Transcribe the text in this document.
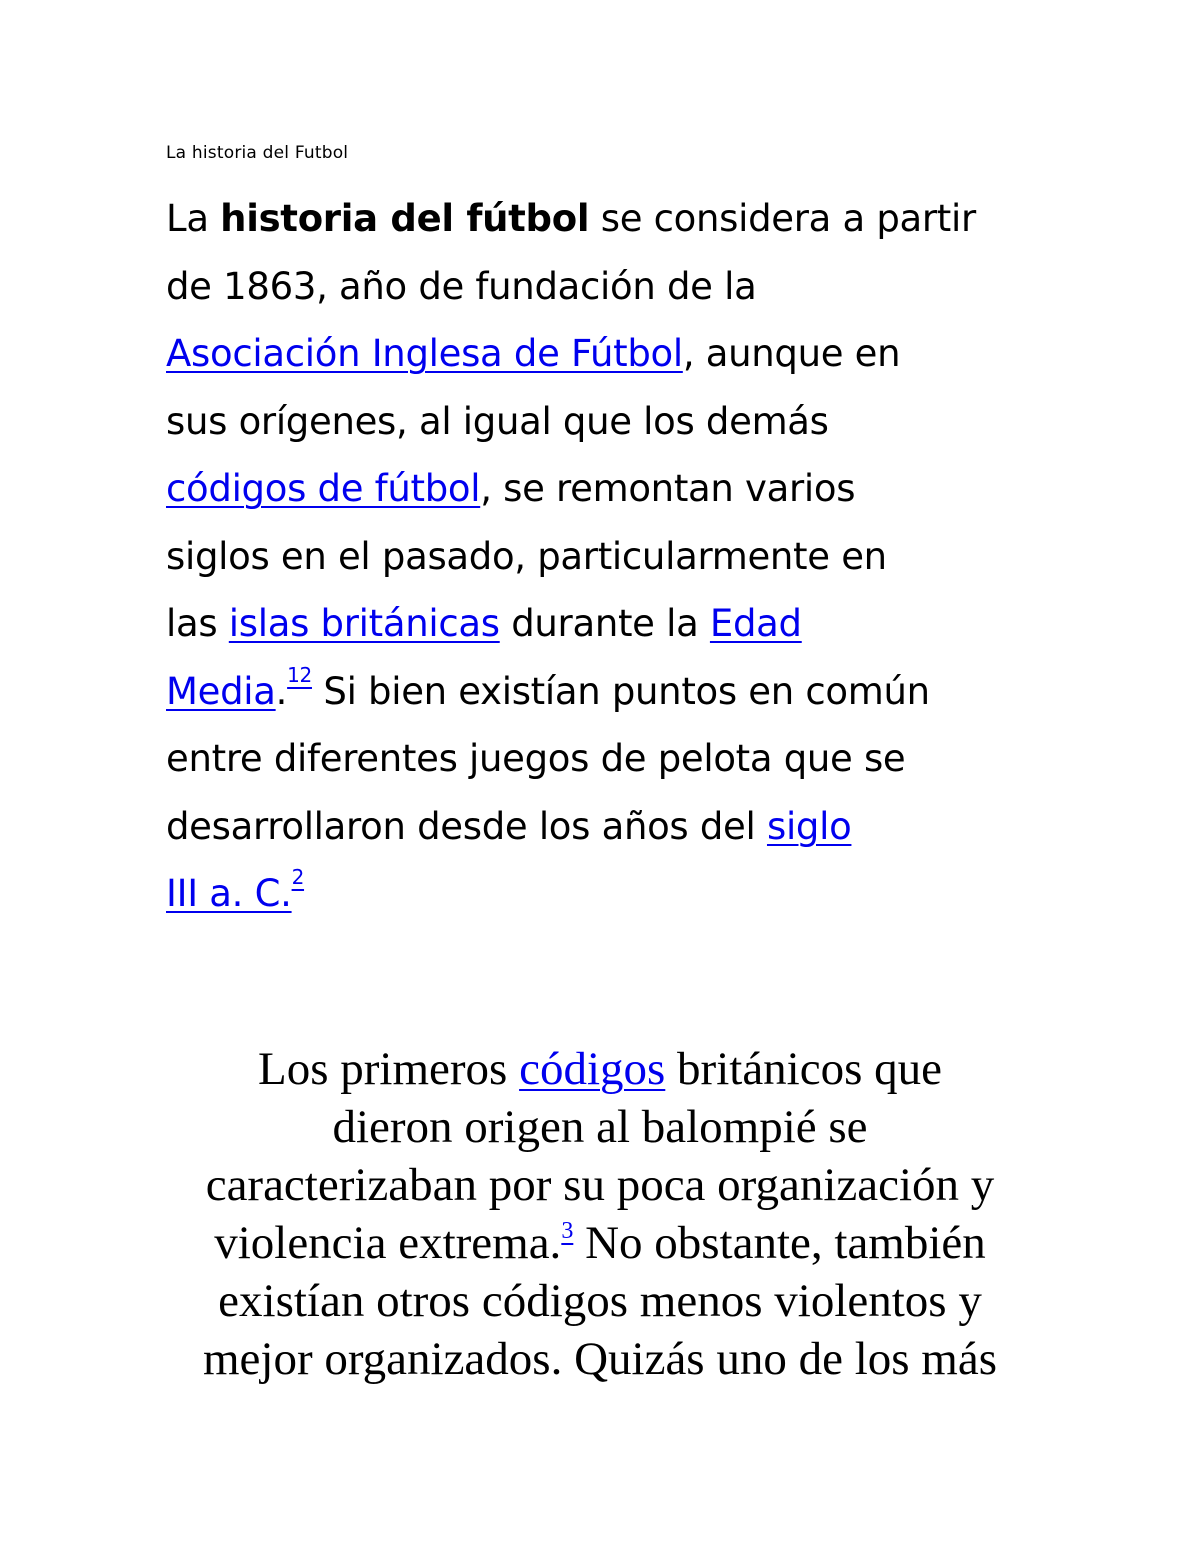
La historia del Futbol
La historia del fútbol se considera a partir
de 1863, año de fundación de la
Asociación Inglesa de Fútbol, aunque en
sus orígenes, al igual que los demás
códigos de fútbol, se remontan varios
siglos en el pasado, particularmente en
las islas británicas durante la Edad
Media.$^{12}$ Si bien existían puntos en común
entre diferentes juegos de pelota que se
desarrollaron desde los años del siglo
III a. C.$^2$
Los primeros códigos británicos que
dieron origen al balompié se
caracterizaban por su poca organización y
violencia extrema.$^3$ No obstante, también
existían otros códigos menos violentos y
mejor organizados. Quizás uno de los más
